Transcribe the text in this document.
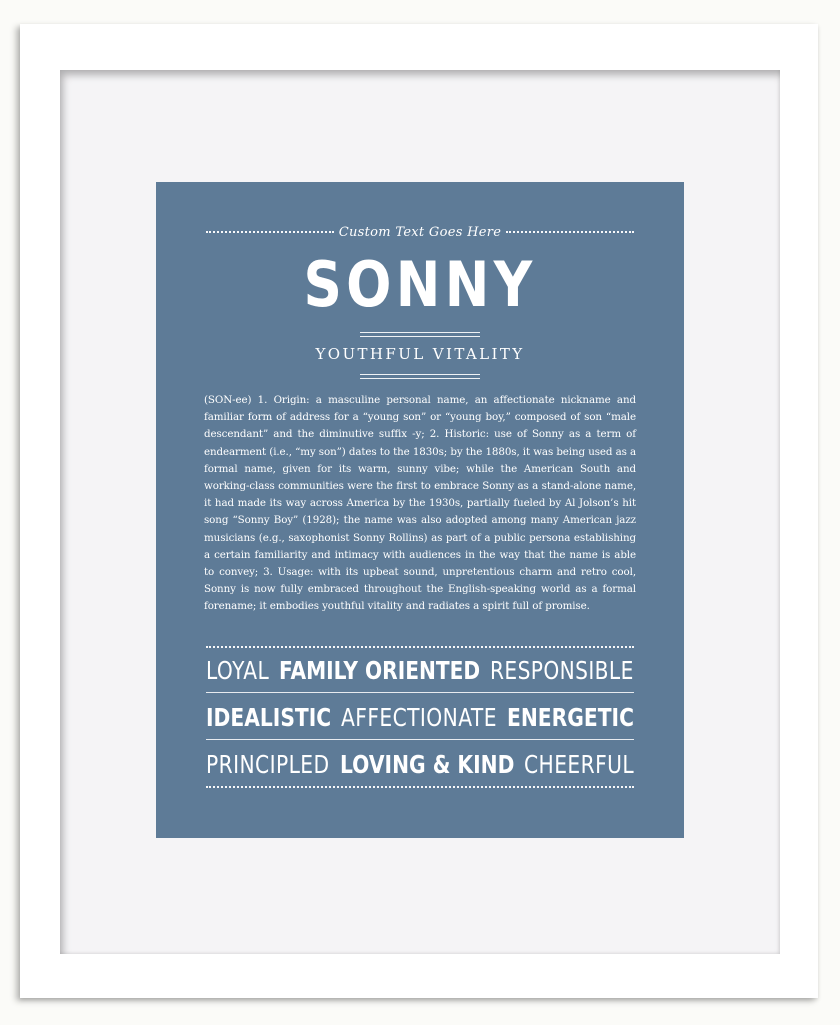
Custom Text Goes Here
SONNY
YOUTHFUL VITALITY
(SON-ee) 1. Origin: a masculine personal name, an affectionate nickname and familiar form of address for a “young son” or “young boy,” composed of son “male descendant” and the diminutive suffix -y; 2. Historic: use of Sonny as a term of endearment (i.e., “my son”) dates to the 1830s; by the 1880s, it was being used as a formal name, given for its warm, sunny vibe; while the American South and working-class communities were the first to embrace Sonny as a stand-alone name, it had made its way across America by the 1930s, partially fueled by Al Jolson’s hit song “Sonny Boy” (1928); the name was also adopted among many American jazz musicians (e.g., saxophonist Sonny Rollins) as part of a public persona establishing a certain familiarity and intimacy with audiences in the way that the name is able to convey; 3. Usage: with its upbeat sound, unpretentious charm and retro cool, Sonny is now fully embraced throughout the English-speaking world as a formal forename; it embodies youthful vitality and radiates a spirit full of promise.
LOYAL FAMILY ORIENTED RESPONSIBLE
IDEALISTIC AFFECTIONATE ENERGETIC
PRINCIPLED LOVING & KIND CHEERFUL
